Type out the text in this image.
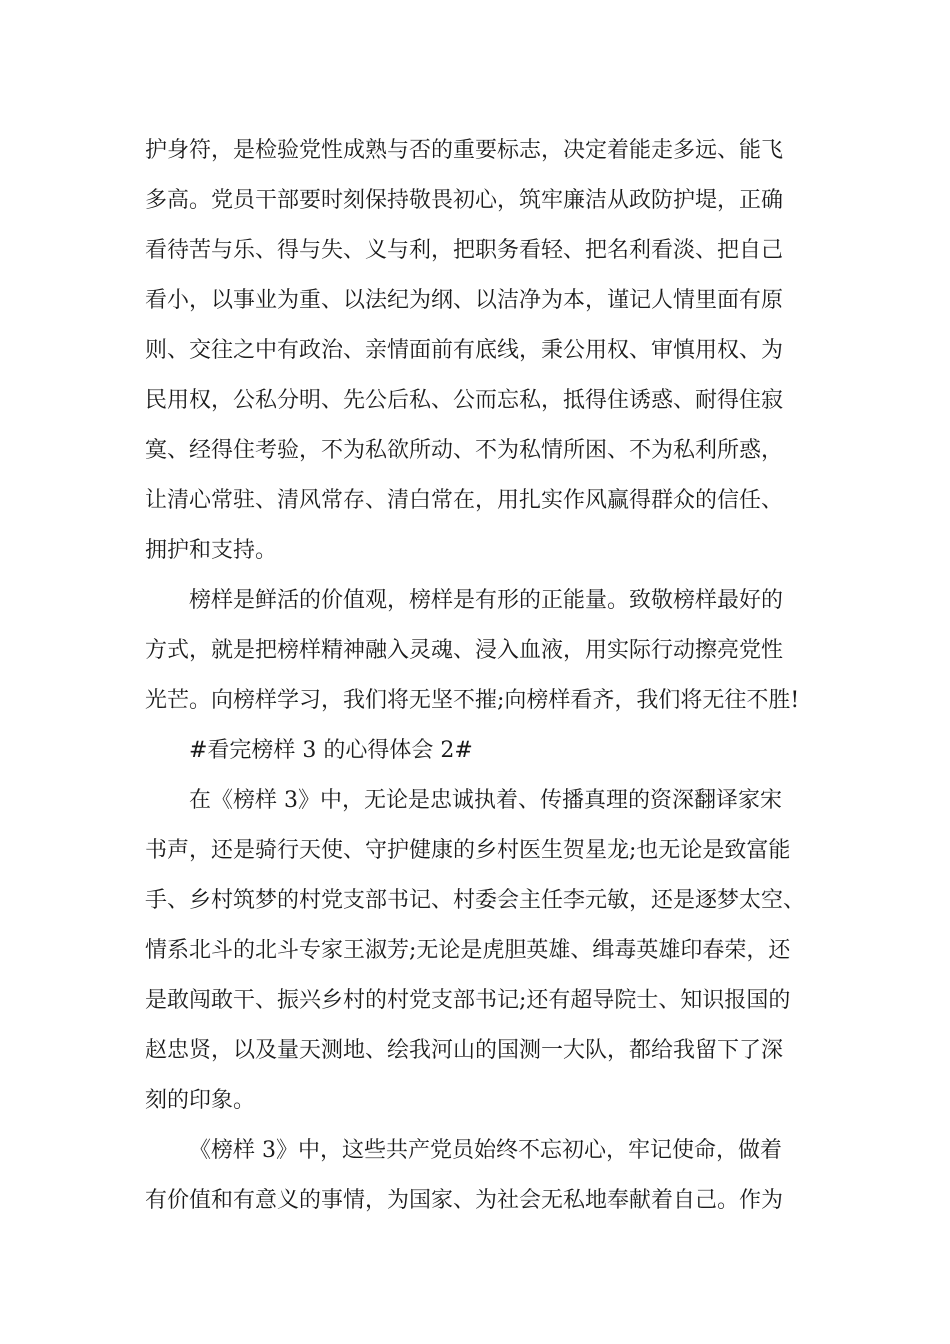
护身符，是检验党性成熟与否的重要标志，决定着能走多远、能飞
多高。党员干部要时刻保持敬畏初心，筑牢廉洁从政防护堤，正确
看待苦与乐、得与失、义与利，把职务看轻、把名利看淡、把自己
看小，以事业为重、以法纪为纲、以洁净为本，谨记人情里面有原
则、交往之中有政治、亲情面前有底线，秉公用权、审慎用权、为
民用权，公私分明、先公后私、公而忘私，抵得住诱惑、耐得住寂
寞、经得住考验，不为私欲所动、不为私情所困、不为私利所惑，
让清心常驻、清风常存、清白常在，用扎实作风赢得群众的信任、
拥护和支持。
榜样是鲜活的价值观，榜样是有形的正能量。致敬榜样最好的
方式，就是把榜样精神融入灵魂、浸入血液，用实际行动擦亮党性
光芒。向榜样学习，我们将无坚不摧;向榜样看齐，我们将无往不胜!
#看完榜样 3 的心得体会 2#
在《榜样 3》中，无论是忠诚执着、传播真理的资深翻译家宋
书声，还是骑行天使、守护健康的乡村医生贺星龙;也无论是致富能
手、乡村筑梦的村党支部书记、村委会主任李元敏，还是逐梦太空、
情系北斗的北斗专家王淑芳;无论是虎胆英雄、缉毒英雄印春荣，还
是敢闯敢干、振兴乡村的村党支部书记;还有超导院士、知识报国的
赵忠贤，以及量天测地、绘我河山的国测一大队，都给我留下了深
刻的印象。
《榜样 3》中，这些共产党员始终不忘初心，牢记使命，做着
有价值和有意义的事情，为国家、为社会无私地奉献着自己。作为
